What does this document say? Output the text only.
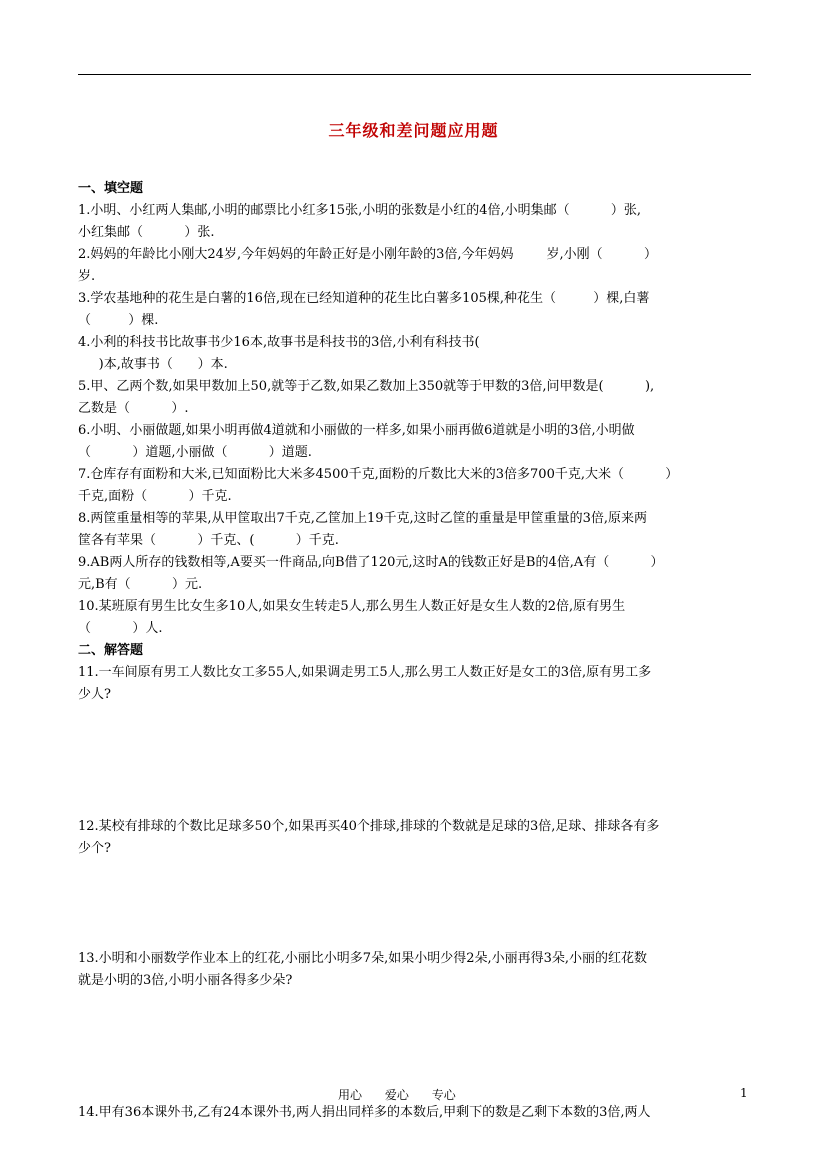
三年级和差问题应用题
一、填空题
1.小明、小红两人集邮,小明的邮票比小红多15张,小明的张数是小红的4倍,小明集邮（          ）张,
小红集邮（          ）张.
2.妈妈的年龄比小刚大24岁,今年妈妈的年龄正好是小刚年龄的3倍,今年妈妈        岁,小刚（          ）
岁.
3.学农基地种的花生是白薯的16倍,现在已经知道种的花生比白薯多105棵,种花生（         ）棵,白薯
（         ）棵.
4.小利的科技书比故事书少16本,故事书是科技书的3倍,小利有科技书(
)本,故事书（      ）本.
5.甲、乙两个数,如果甲数加上50,就等于乙数,如果乙数加上350就等于甲数的3倍,问甲数是(          ),
乙数是（          ）.
6.小明、小丽做题,如果小明再做4道就和小丽做的一样多,如果小丽再做6道就是小明的3倍,小明做
（          ）道题,小丽做（          ）道题.
7.仓库存有面粉和大米,已知面粉比大米多4500千克,面粉的斤数比大米的3倍多700千克,大米（          ）
千克,面粉（          ）千克.
8.两筐重量相等的苹果,从甲筐取出7千克,乙筐加上19千克,这时乙筐的重量是甲筐重量的3倍,原来两
筐各有苹果（          ）千克、(          ）千克.
9.AB两人所存的钱数相等,A要买一件商品,向B借了120元,这时A的钱数正好是B的4倍,A有（          ）
元,B有（          ）元.
10.某班原有男生比女生多10人,如果女生转走5人,那么男生人数正好是女生人数的2倍,原有男生
（          ）人.
二、解答题
11.一车间原有男工人数比女工多55人,如果调走男工5人,那么男工人数正好是女工的3倍,原有男工多
少人?
12.某校有排球的个数比足球多50个,如果再买40个排球,排球的个数就是足球的3倍,足球、排球各有多
少个?
13.小明和小丽数学作业本上的红花,小丽比小明多7朵,如果小明少得2朵,小丽再得3朵,小丽的红花数
就是小明的3倍,小明小丽各得多少朵?
14.甲有36本课外书,乙有24本课外书,两人捐出同样多的本数后,甲剩下的数是乙剩下本数的3倍,两人
用心      爱心      专心	1
